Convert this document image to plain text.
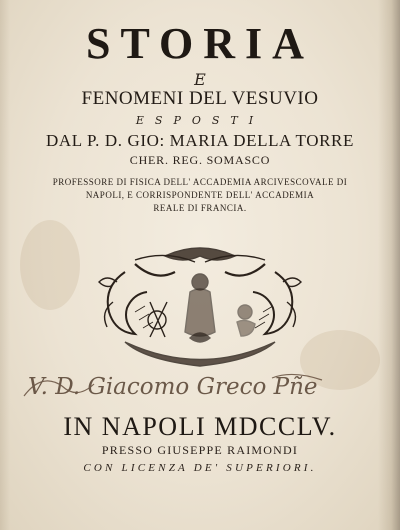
STORIA
E
FENOMENI DEL VESUVIO
ESPOSTI
DAL P. D. GIO: MARIA DELLA TORRE
CHER. REG. SOMASCO
PROFESSORE DI FISICA DELL' ACCADEMIA ARCIVESCOVALE DI
NAPOLI, E CORRISPONDENTE DELL' ACCADEMIA
REALE DI FRANCIA.
V. D. Giacomo Greco Pñe
IN NAPOLI MDCCLV.
PRESSO GIUSEPPE RAIMONDI
CON LICENZA DE' SUPERIORI.
